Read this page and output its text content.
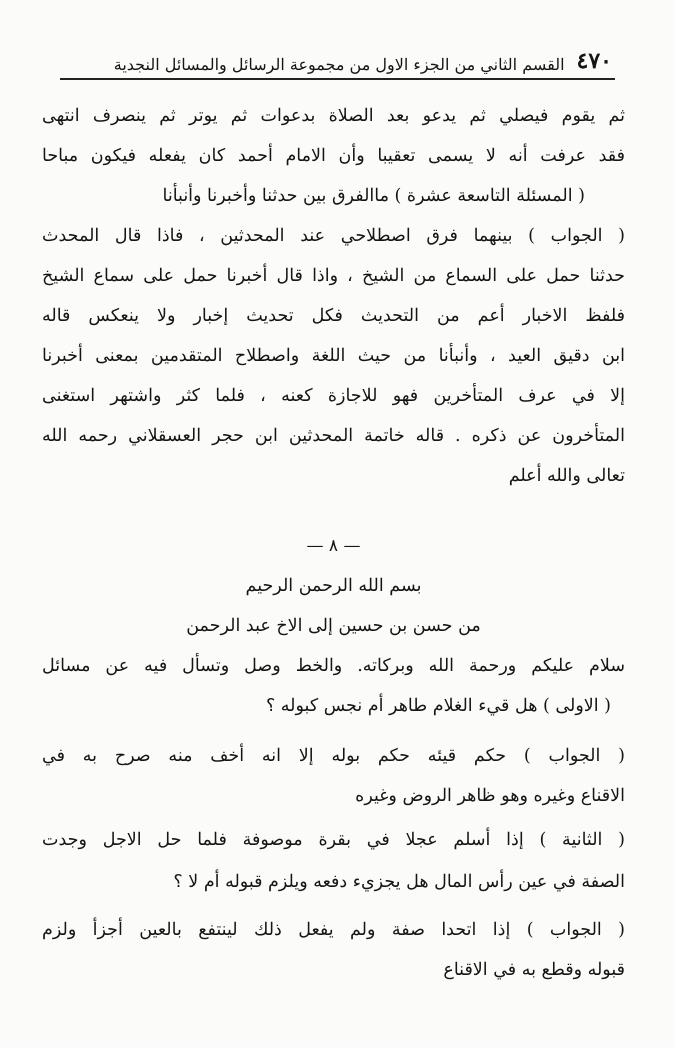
٤٧٠
القسم الثاني من الجزء الاول من مجموعة الرسائل والمسائل النجدية
ثم يقوم فيصلي ثم يدعو بعد الصلاة بدعوات ثم يوتر ثم ينصرف انتهى
فقد عرفت أنه لا يسمى تعقيبا وأن الامام أحمد كان يفعله فيكون مباحا
( المسئلة التاسعة عشرة ) ماالفرق بين حدثنا وأخبرنا وأنبأنا
( الجواب ) بينهما فرق اصطلاحي عند المحدثين ، فاذا قال المحدث
حدثنا حمل على السماع من الشيخ ، واذا قال أخبرنا حمل على سماع الشيخ
فلفظ الاخبار أعم من التحديث فكل تحديث إخبار ولا ينعكس قاله
ابن دقيق العيد ، وأنبأنا من حيث اللغة واصطلاح المتقدمين بمعنى أخبرنا
إلا في عرف المتأخرين فهو للاجازة كعنه ، فلما كثر واشتهر استغنى
المتأخرون عن ذكره . قاله خاتمة المحدثين ابن حجر العسقلاني رحمه الله
تعالى والله أعلم
— ٨ —
بسم الله الرحمن الرحيم
من حسن بن حسين إلى الاخ عبد الرحمن
سلام عليكم ورحمة الله وبركاته. والخط وصل وتسأل فيه عن مسائل
( الاولى ) هل قيء الغلام طاهر أم نجس كبوله ؟
( الجواب ) حكم قيئه حكم بوله إلا انه أخف منه صرح به في
الاقناع وغيره وهو ظاهر الروض وغيره
( الثانية ) إذا أسلم عجلا في بقرة موصوفة فلما حل الاجل وجدت
الصفة في عين رأس المال هل يجزيء دفعه ويلزم قبوله أم لا ؟
( الجواب ) إذا اتحدا صفة ولم يفعل ذلك لينتفع بالعين أجزأ ولزم
قبوله وقطع به في الاقناع
